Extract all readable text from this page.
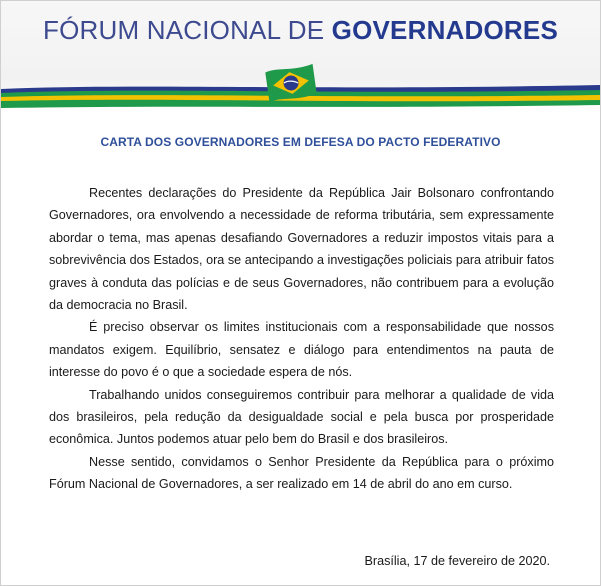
FÓRUM NACIONAL DE GOVERNADORES
CARTA DOS GOVERNADORES EM DEFESA DO PACTO FEDERATIVO

Recentes declarações do Presidente da República Jair Bolsonaro confrontando Governadores, ora envolvendo a necessidade de reforma tributária, sem expressamente abordar o tema, mas apenas desafiando Governadores a reduzir impostos vitais para a sobrevivência dos Estados, ora se antecipando a investigações policiais para atribuir fatos graves à conduta das polícias e de seus Governadores, não contribuem para a evolução da democracia no Brasil.

É preciso observar os limites institucionais com a responsabilidade que nossos mandatos exigem. Equilíbrio, sensatez e diálogo para entendimentos na pauta de interesse do povo é o que a sociedade espera de nós.

Trabalhando unidos conseguiremos contribuir para melhorar a qualidade de vida dos brasileiros, pela redução da desigualdade social e pela busca por prosperidade econômica. Juntos podemos atuar pelo bem do Brasil e dos brasileiros.

Nesse sentido, convidamos o Senhor Presidente da República para o próximo Fórum Nacional de Governadores, a ser realizado em 14 de abril do ano em curso.

Brasília, 17 de fevereiro de 2020.
